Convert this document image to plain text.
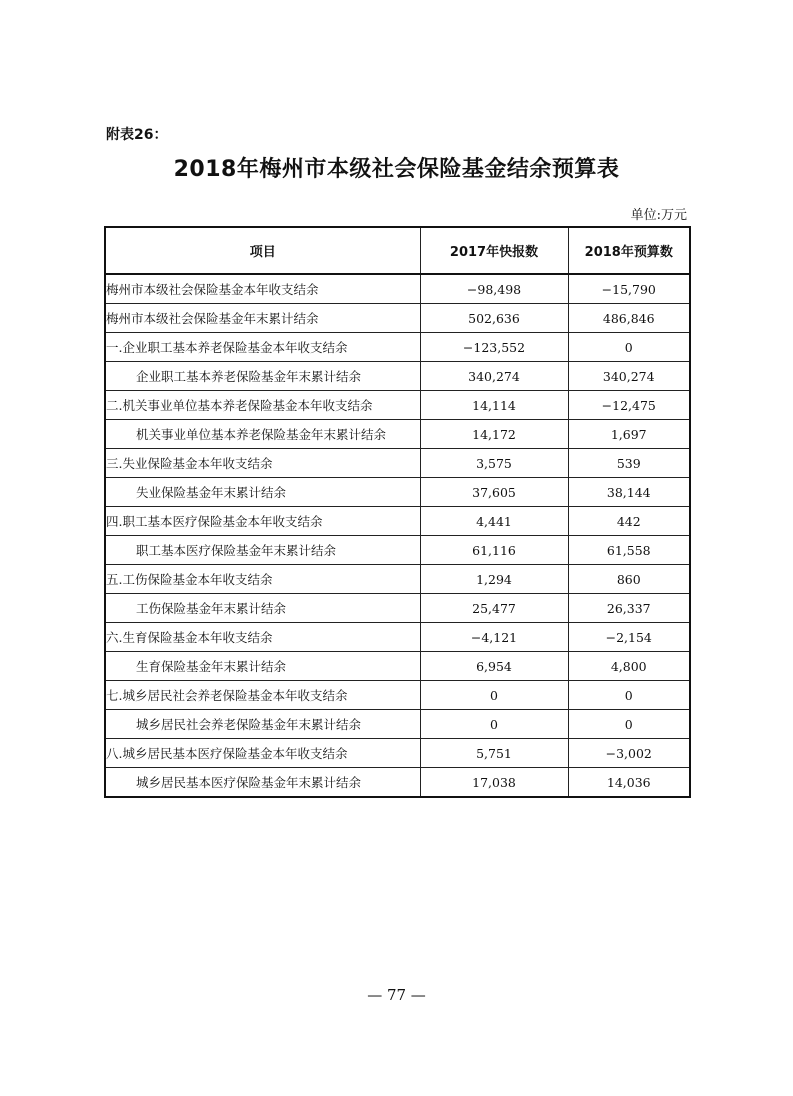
附表26：
2018年梅州市本级社会保险基金结余预算表
单位:万元
项目	2017年快报数	2018年预算数
梅州市本级社会保险基金本年收支结余	−98,498	−15,790
梅州市本级社会保险基金年末累计结余	502,636	486,846
一.企业职工基本养老保险基金本年收支结余	−123,552	0
企业职工基本养老保险基金年末累计结余	340,274	340,274
二.机关事业单位基本养老保险基金本年收支结余	14,114	−12,475
机关事业单位基本养老保险基金年末累计结余	14,172	1,697
三.失业保险基金本年收支结余	3,575	539
失业保险基金年末累计结余	37,605	38,144
四.职工基本医疗保险基金本年收支结余	4,441	442
职工基本医疗保险基金年末累计结余	61,116	61,558
五.工伤保险基金本年收支结余	1,294	860
工伤保险基金年末累计结余	25,477	26,337
六.生育保险基金本年收支结余	−4,121	−2,154
生育保险基金年末累计结余	6,954	4,800
七.城乡居民社会养老保险基金本年收支结余	0	0
城乡居民社会养老保险基金年末累计结余	0	0
八.城乡居民基本医疗保险基金本年收支结余	5,751	−3,002
城乡居民基本医疗保险基金年末累计结余	17,038	14,036
— 77 —
